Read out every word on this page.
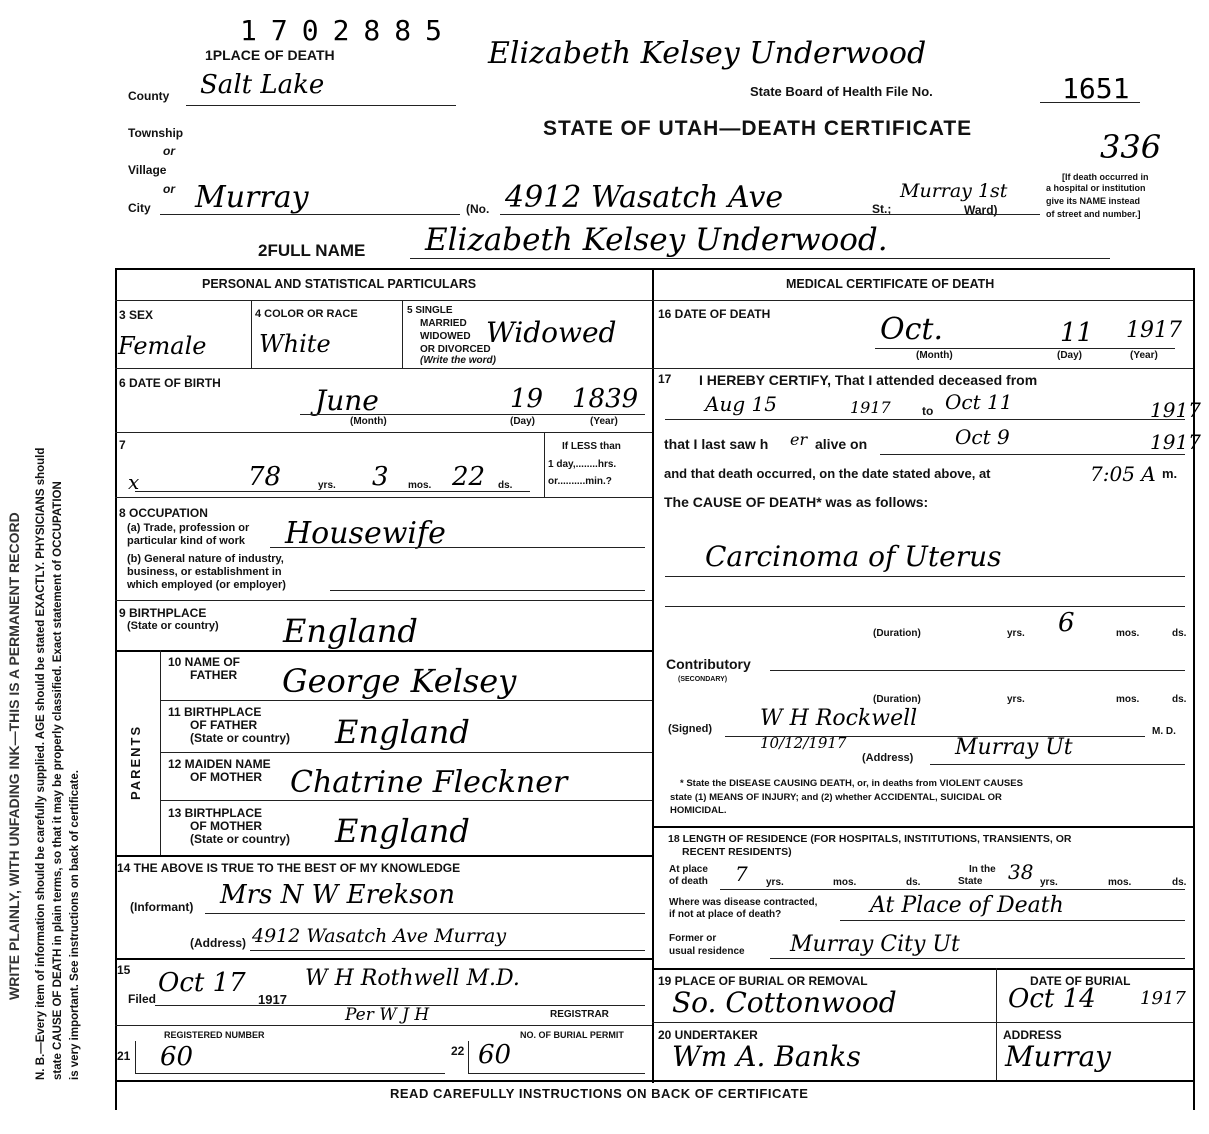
WRITE PLAINLY, WITH UNFADING INK—THIS IS A PERMANENT RECORD N. B.—Every item of information should be carefully supplied. AGE should be stated EXACTLY. PHYSICIANS should state CAUSE OF DEATH in plain terms, so that it may be properly classified. Exact statement of OCCUPATION is very important. See instructions on back of certificate.
1702885
Elizabeth Kelsey Underwood
1PLACE OF DEATH
County Salt Lake	State Board of Health File No.	1651
Township
or
Village
or
City
STATE OF UTAH—DEATH CERTIFICATE	336
Murray	(No. 4912 Wasatch Ave	St.;
Murray 1st
Ward)
[If death occurred in
a hospital or institution
give its NAME instead
of street and number.]
2FULL NAME Elizabeth Kelsey Underwood.
PERSONAL AND STATISTICAL PARTICULARS
3 SEX
Female
4 COLOR OR RACE
White
5 SINGLE
MARRIED
WIDOWED
OR DIVORCED
(Write the word)
Widowed
6 DATE OF BIRTH
June	19 1839
(Month)	(Day)	(Year)
7
x	78	yrs. 3 mos. 22 ds.
If LESS than
1 day,........hrs.
or..........min.?
8 OCCUPATION
(a) Trade, profession or
particular kind of work Housewife
(b) General nature of industry,
business, or establishment in
which employed (or employer)
9 BIRTHPLACE
(State or country) England
PARENTS
10 NAME OF
FATHER George Kelsey
11 BIRTHPLACE
OF FATHER
(State or country) England
12 MAIDEN NAME
OF MOTHER Chatrine Fleckner
13 BIRTHPLACE
OF MOTHER
(State or country) England
14 THE ABOVE IS TRUE TO THE BEST OF MY KNOWLEDGE
(Informant) Mrs N W Erekson
(Address) 4912 Wasatch Ave Murray
15
Filed
Oct 17
1917
W H Rothwell M.D.
Per W J H	REGISTRAR
REGISTERED NUMBER	NO. OF BURIAL PERMIT
21 60	22 60
MEDICAL CERTIFICATE OF DEATH
16 DATE OF DEATH	Oct.	11 1917
(Month)	(Day)	(Year)
17 I HEREBY CERTIFY, That I attended deceased from
Aug 15	1917	to Oct 11	1917
that I last saw h er alive on	Oct 9	1917
and that death occurred, on the date stated above, at	7:05 A m.
The CAUSE OF DEATH* was as follows:
Carcinoma of Uterus
(Duration)	yrs. 6	mos.	ds.
Contributory
(SECONDARY)
(Duration)	yrs.	mos.	ds.
(Signed) W H Rockwell
M. D.
10/12/1917
(Address) Murray Ut
* State the DISEASE CAUSING DEATH, or, in deaths from VIOLENT CAUSES
state (1) MEANS OF INJURY; and (2) whether ACCIDENTAL, SUICIDAL OR
HOMICIDAL.
18 LENGTH OF RESIDENCE (FOR HOSPITALS, INSTITUTIONS, TRANSIENTS, OR
RECENT RESIDENTS)
At place
of death 7 yrs.	mos.	ds.
In the
State 38 yrs.	mos.	ds.
Where was disease contracted,
if not at place of death?	At Place of Death
Former or
usual residence Murray City Ut
19 PLACE OF BURIAL OR REMOVAL
So. Cottonwood
DATE OF BURIAL
Oct 14 1917
20 UNDERTAKER
Wm A. Banks
ADDRESS
Murray
READ CAREFULLY INSTRUCTIONS ON BACK OF CERTIFICATE
